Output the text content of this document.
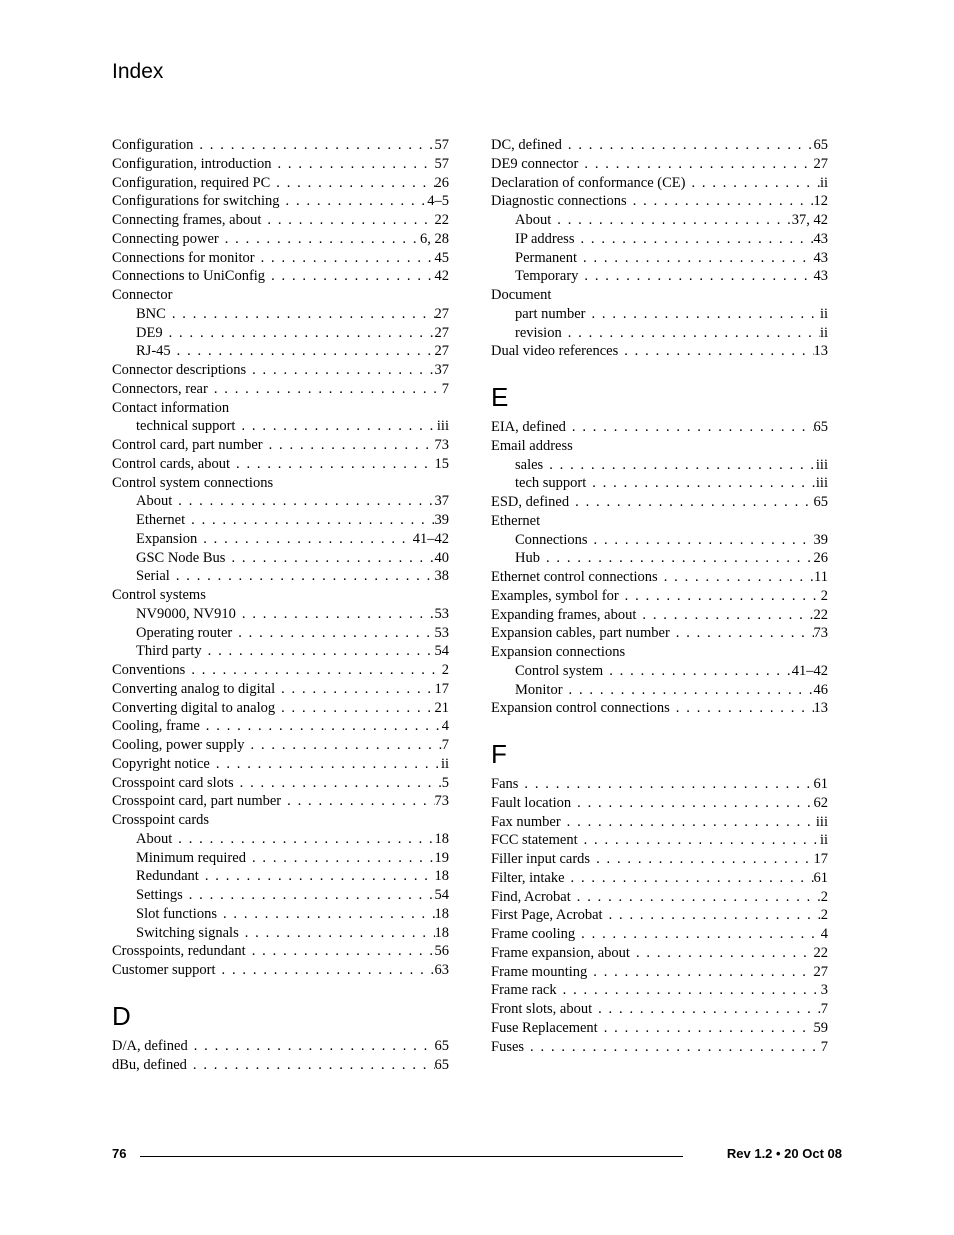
Index
Configuration . . .	57
Configuration, introduction . . .	57
Configuration, required PC . . .	26
Configurations for switching . . .	4–5
Connecting frames, about . . .	22
Connecting power . . .	6, 28
Connections for monitor . . .	45
Connections to UniConfig . . .	42
Connector
BNC . . .	27
DE9 . . .	27
RJ-45 . . .	27
Connector descriptions . . .	37
Connectors, rear . . .	7
Contact information
technical support . . .	iii
Control card, part number . . .	73
Control cards, about . . .	15
Control system connections
About . . .	37
Ethernet . . .	39
Expansion . . .	41–42
GSC Node Bus . . .	40
Serial . . .	38
Control systems
NV9000, NV910 . . .	53
Operating router . . .	53
Third party . . .	54
Conventions . . .	2
Converting analog to digital . . .	17
Converting digital to analog . . .	21
Cooling, frame . . .	4
Cooling, power supply . . .	7
Copyright notice . . .	ii
Crosspoint card slots . . .	5
Crosspoint card, part number . . .	73
Crosspoint cards
About . . .	18
Minimum required . . .	19
Redundant . . .	18
Settings . . .	54
Slot functions . . .	18
Switching signals . . .	18
Crosspoints, redundant . . .	56
Customer support . . .	63
D
D/A, defined . . .	65
dBu, defined . . .	65
DC, defined . . .	65
DE9 connector . . .	27
Declaration of conformance (CE) . . .	ii
Diagnostic connections . . .	12
About . . .	37, 42
IP address . . .	43
Permanent . . .	43
Temporary . . .	43
Document
part number . . .	ii
revision . . .	ii
Dual video references . . .	13
E
EIA, defined . . .	65
Email address
sales . . .	iii
tech support . . .	iii
ESD, defined . . .	65
Ethernet
Connections . . .	39
Hub . . .	26
Ethernet control connections . . .	11
Examples, symbol for . . .	2
Expanding frames, about . . .	22
Expansion cables, part number . . .	73
Expansion connections
Control system . . .	41–42
Monitor . . .	46
Expansion control connections . . .	13
F
Fans . . .	61
Fault location . . .	62
Fax number . . .	iii
FCC statement . . .	ii
Filler input cards . . .	17
Filter, intake . . .	61
Find, Acrobat . . .	2
First Page, Acrobat . . .	2
Frame cooling . . .	4
Frame expansion, about . . .	22
Frame mounting . . .	27
Frame rack . . .	3
Front slots, about . . .	7
Fuse Replacement . . .	59
Fuses . . .	7
76	Rev 1.2 • 20 Oct 08
